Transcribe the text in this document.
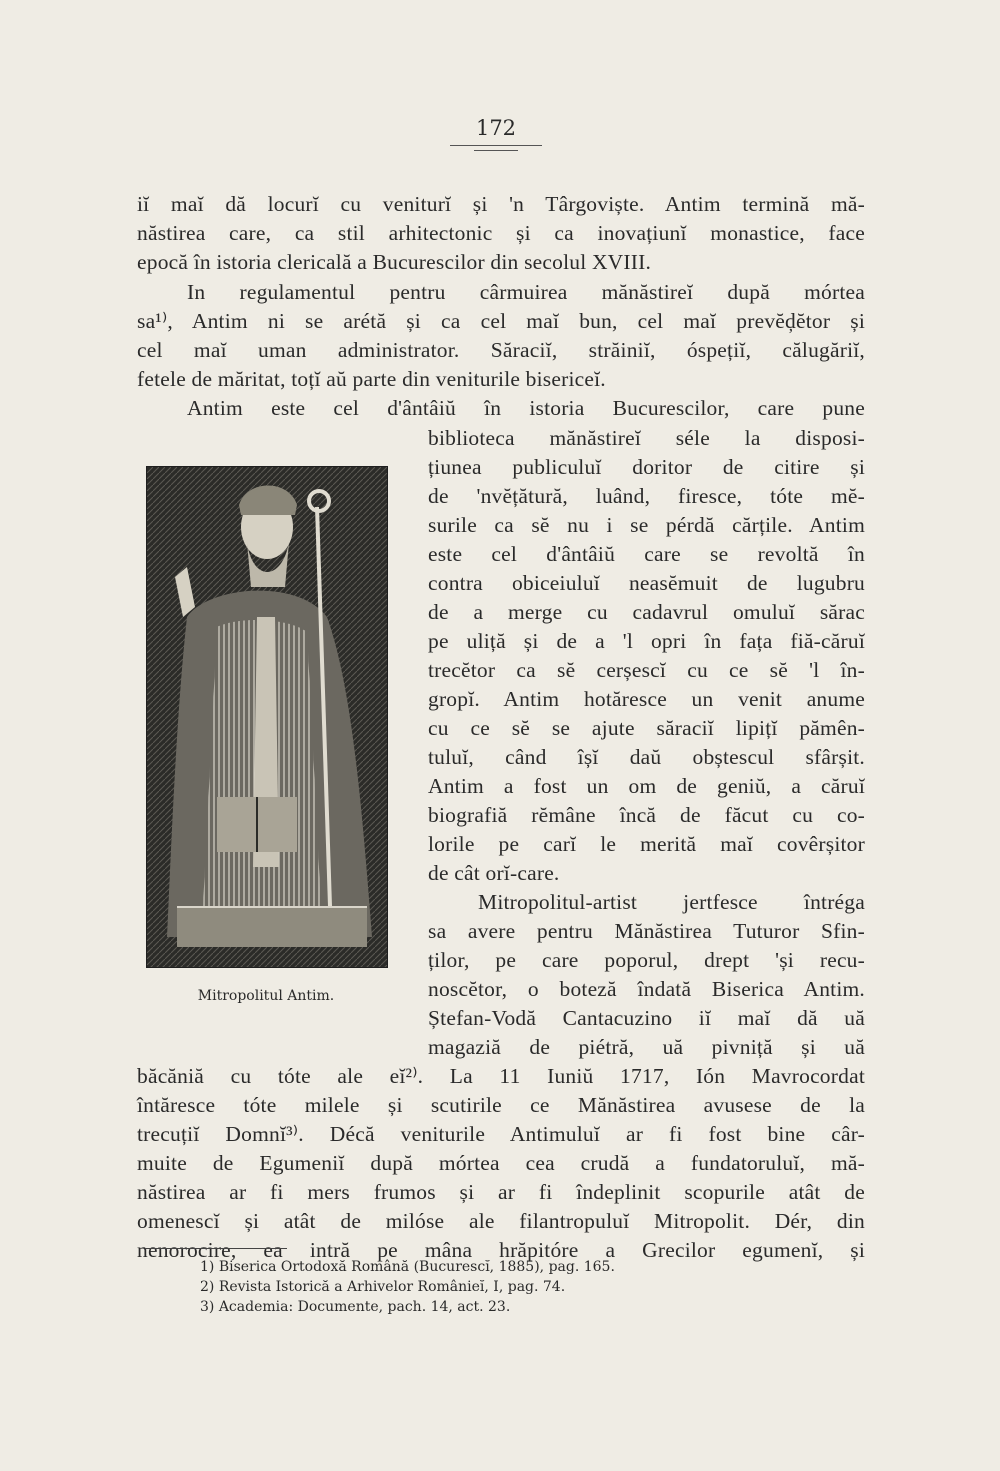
172
iĭ maĭ dă locurĭ cu veniturĭ și 'n Târgoviște. Antim termină mă-
năstirea care, ca stil arhitectonic și ca inovațiunĭ monastice, face
epocă în istoria clericală a Bucurescilor din secolul XVIII.
In regulamentul pentru cârmuirea mănăstireĭ după mórtea
sa¹⁾, Antim ni se arétă și ca cel maĭ bun, cel maĭ prevĕḑĕtor și
cel maĭ uman administrator. Săraciĭ, străiniĭ, óspețiĭ, călugăriĭ,
fetele de măritat, toțĭ aŭ parte din veniturile bisericeĭ.
Antim este cel d'ântâiŭ în istoria Bucurescilor, care pune
biblioteca mănăstireĭ séle la disposi-
țiunea publiculuĭ doritor de citire și
de 'nvĕțătură, luând, firesce, tóte mĕ-
surile ca sĕ nu i se pérdă cărțile. Antim
este cel d'ântâiŭ care se revoltă în
contra obiceiuluĭ neasĕmuit de lugubru
de a merge cu cadavrul omuluĭ sărac
pe uliță și de a 'l opri în fața fiă-căruĭ
trecĕtor ca sĕ cerșescĭ cu ce sĕ 'l în-
gropĭ. Antim hotăresce un venit anume
cu ce sĕ se ajute săraciĭ lipițĭ pămên-
tuluĭ, când îșĭ daŭ obștescul sfârșit.
Antim a fost un om de geniŭ, a căruĭ
biografiă rĕmâne încă de făcut cu co-
lorile pe carĭ le merită maĭ covêrșitor
de cât orĭ-care.
Mitropolitul-artist jertfesce întréga
sa avere pentru Mănăstirea Tuturor Sfin-
ților, pe care poporul, drept 'și recu-
noscĕtor, o boteză îndată Biserica Antim.
Ștefan-Vodă Cantacuzino iĭ maĭ dă uă
magaziă de piétră, uă pivniță și uă
băcăniă cu tóte ale eĭ²⁾. La 11 Iuniŭ 1717, Ión Mavrocordat
întăresce tóte milele și scutirile ce Mănăstirea avusese de la
trecuțiĭ Domnĭ³⁾. Décă veniturile Antimuluĭ ar fi fost bine câr-
muite de Egumeniĭ după mórtea cea crudă a fundatoruluĭ, mă-
năstirea ar fi mers frumos și ar fi îndeplinit scopurile atât de
omenescĭ și atât de milóse ale filantropuluĭ Mitropolit. Dér, din
nenorocire, ea intră pe mâna hrăpitóre a Grecilor egumenĭ, și
Mitropolitul Antim.
1) Biserica Ortodoxă Română (Bucurescĭ, 1885), pag. 165.
2) Revista Istorică a Arhivelor Românieĭ, I, pag. 74.
3) Academia: Documente, pach. 14, act. 23.
